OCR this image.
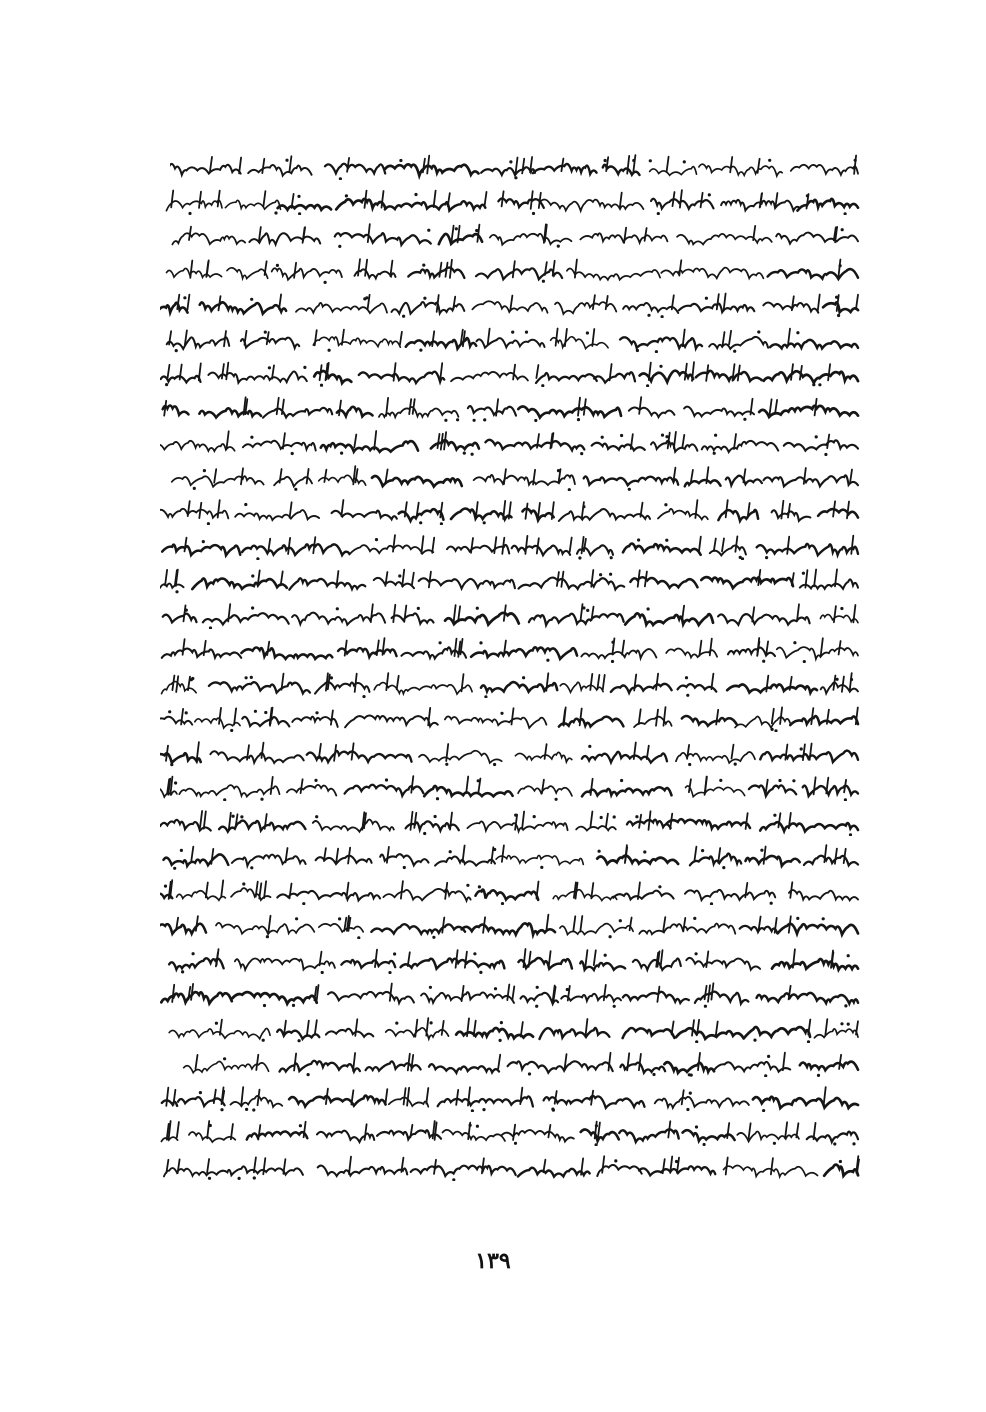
١٣٩
